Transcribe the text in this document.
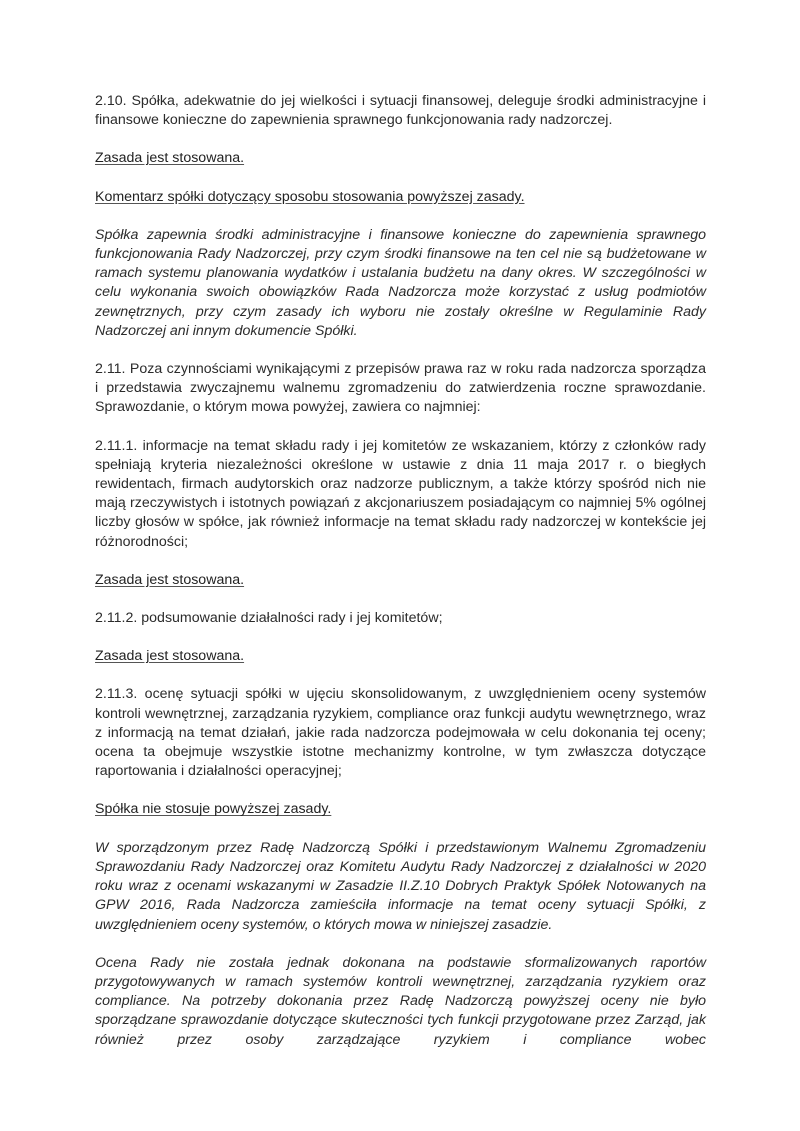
2.10. Spółka, adekwatnie do jej wielkości i sytuacji finansowej, deleguje środki administracyjne i finansowe konieczne do zapewnienia sprawnego funkcjonowania rady nadzorczej.

Zasada jest stosowana.

Komentarz spółki dotyczący sposobu stosowania powyższej zasady.

Spółka zapewnia środki administracyjne i finansowe konieczne do zapewnienia sprawnego funkcjonowania Rady Nadzorczej, przy czym środki finansowe na ten cel nie są budżetowane w ramach systemu planowania wydatków i ustalania budżetu na dany okres. W szczególności w celu wykonania swoich obowiązków Rada Nadzorcza może korzystać z usług podmiotów zewnętrznych, przy czym zasady ich wyboru nie zostały określne w Regulaminie Rady Nadzorczej ani innym dokumencie Spółki.

2.11. Poza czynnościami wynikającymi z przepisów prawa raz w roku rada nadzorcza sporządza i przedstawia zwyczajnemu walnemu zgromadzeniu do zatwierdzenia roczne sprawozdanie. Sprawozdanie, o którym mowa powyżej, zawiera co najmniej:

2.11.1. informacje na temat składu rady i jej komitetów ze wskazaniem, którzy z członków rady spełniają kryteria niezależności określone w ustawie z dnia 11 maja 2017 r. o biegłych rewidentach, firmach audytorskich oraz nadzorze publicznym, a także którzy spośród nich nie mają rzeczywistych i istotnych powiązań z akcjonariuszem posiadającym co najmniej 5% ogólnej liczby głosów w spółce, jak również informacje na temat składu rady nadzorczej w kontekście jej różnorodności;

Zasada jest stosowana.

2.11.2. podsumowanie działalności rady i jej komitetów;

Zasada jest stosowana.

2.11.3. ocenę sytuacji spółki w ujęciu skonsolidowanym, z uwzględnieniem oceny systemów kontroli wewnętrznej, zarządzania ryzykiem, compliance oraz funkcji audytu wewnętrznego, wraz z informacją na temat działań, jakie rada nadzorcza podejmowała w celu dokonania tej oceny; ocena ta obejmuje wszystkie istotne mechanizmy kontrolne, w tym zwłaszcza dotyczące raportowania i działalności operacyjnej;

Spółka nie stosuje powyższej zasady.

W sporządzonym przez Radę Nadzorczą Spółki i przedstawionym Walnemu Zgromadzeniu Sprawozdaniu Rady Nadzorczej oraz Komitetu Audytu Rady Nadzorczej z działalności w 2020 roku wraz z ocenami wskazanymi w Zasadzie II.Z.10 Dobrych Praktyk Spółek Notowanych na GPW 2016, Rada Nadzorcza zamieściła informacje na temat oceny sytuacji Spółki, z uwzględnieniem oceny systemów, o których mowa w niniejszej zasadzie.

Ocena Rady nie została jednak dokonana na podstawie sformalizowanych raportów przygotowywanych w ramach systemów kontroli wewnętrznej, zarządzania ryzykiem oraz compliance. Na potrzeby dokonania przez Radę Nadzorczą powyższej oceny nie było sporządzane sprawozdanie dotyczące skuteczności tych funkcji przygotowane przez Zarząd, jak również przez osoby zarządzające ryzykiem i compliance wobec
